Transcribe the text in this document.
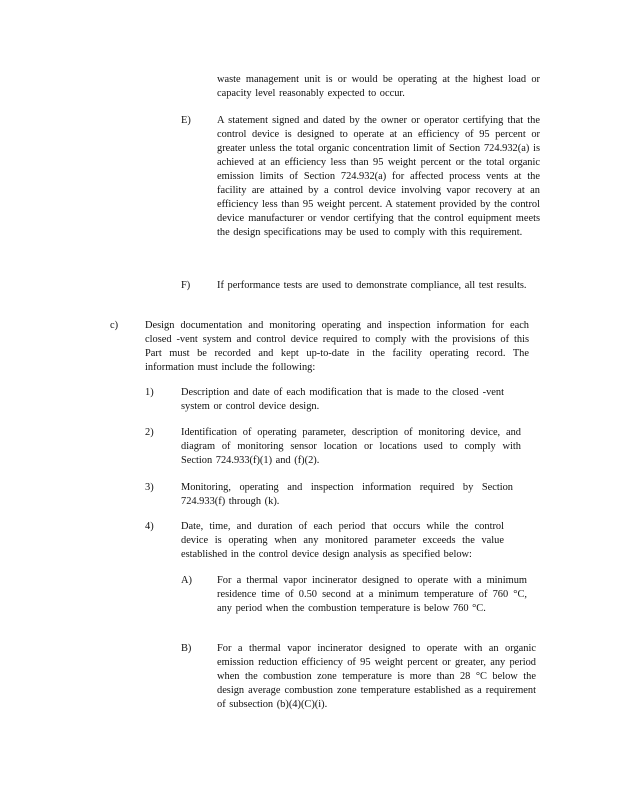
waste management unit is or would be operating at the highest load or capacity level reasonably expected to occur.
E)	A statement signed and dated by the owner or operator certifying that the control device is designed to operate at an efficiency of 95 percent or greater unless the total organic concentration limit of Section 724.932(a) is achieved at an efficiency less than 95 weight percent or the total organic emission limits of Section 724.932(a) for affected process vents at the facility are attained by a control device involving vapor recovery at an efficiency less than 95 weight percent. A statement provided by the control device manufacturer or vendor certifying that the control equipment meets the design specifications may be used to comply with this requirement.
F)	If performance tests are used to demonstrate compliance, all test results.
c)	Design documentation and monitoring operating and inspection information for each closed -vent system and control device required to comply with the provisions of this Part must be recorded and kept up-to-date in the facility operating record. The information must include the following:
1)	Description and date of each modification that is made to the closed -vent system or control device design.
2)	Identification of operating parameter, description of monitoring device, and diagram of monitoring sensor location or locations used to comply with Section 724.933(f)(1) and (f)(2).
3)	Monitoring, operating and inspection information required by Section 724.933(f) through (k).
4)	Date, time, and duration of each period that occurs while the control device is operating when any monitored parameter exceeds the value established in the control device design analysis as specified below:
A) For a thermal vapor incinerator designed to operate with a minimum residence time of 0.50 second at a minimum temperature of 760 °C, any period when the combustion temperature is below 760 °C.
B) For a thermal vapor incinerator designed to operate with an organic emission reduction efficiency of 95 weight percent or greater, any period when the combustion zone temperature is more than 28 °C below the design average combustion zone temperature established as a requirement of subsection (b)(4)(C)(i).
